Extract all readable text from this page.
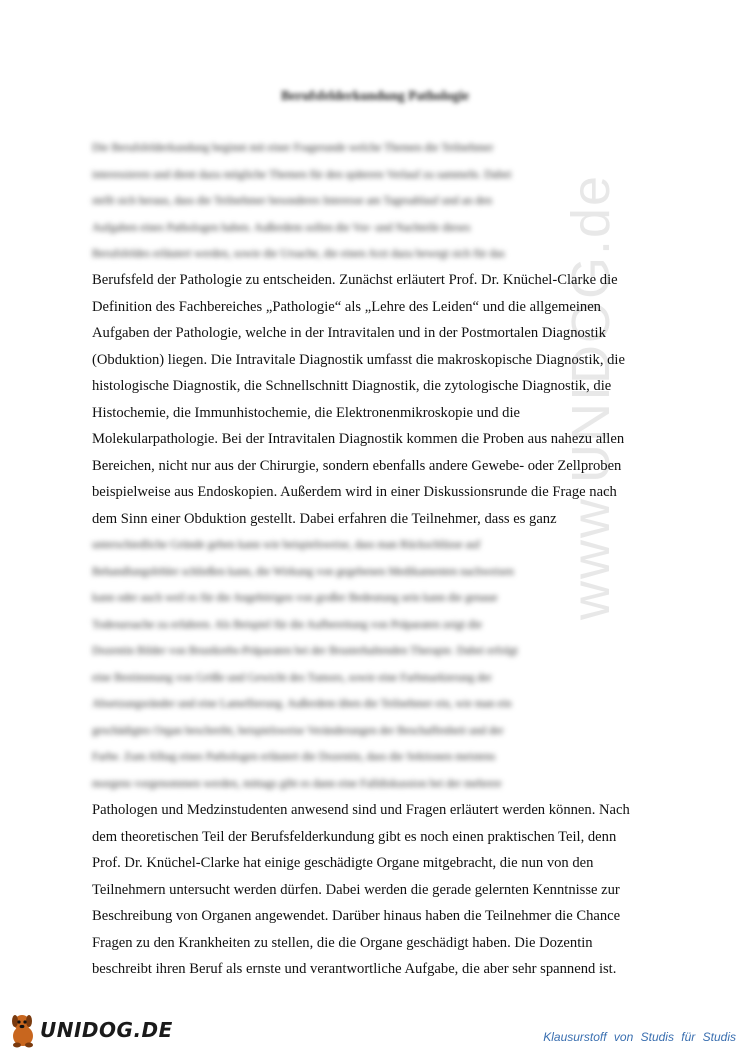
www.UNIDOG.de
Berufsfelderkundung Pathologie
Die Berufsfelderkundung beginnt mit einer Fragerunde welche Themen die Teilnehmer
interessieren und dient dazu mögliche Themen für den späteren Verlauf zu sammeln. Dabei
stellt sich heraus, dass die Teilnehmer besonderes Interesse am Tagesablauf und an den
Aufgaben eines Pathologen haben. Außerdem sollen die Vor- und Nachteile dieses
Berufsfeldes erläutert werden, sowie die Ursache, die einen Arzt dazu bewegt sich für das
Berufsfeld der Pathologie zu entscheiden. Zunächst erläutert Prof. Dr. Knüchel-Clarke die
Definition des Fachbereiches „Pathologie“ als „Lehre des Leiden“ und die allgemeinen
Aufgaben der Pathologie, welche in der Intravitalen und in der Postmortalen Diagnostik
(Obduktion) liegen. Die Intravitale Diagnostik umfasst die makroskopische Diagnostik, die
histologische Diagnostik, die Schnellschnitt Diagnostik, die zytologische Diagnostik, die
Histochemie, die Immunhistochemie, die Elektronenmikroskopie und die
Molekularpathologie. Bei der Intravitalen Diagnostik kommen die Proben aus nahezu allen
Bereichen, nicht nur aus der Chirurgie, sondern ebenfalls andere Gewebe- oder Zellproben
beispielweise aus Endoskopien. Außerdem wird in einer Diskussionsrunde die Frage nach
dem Sinn einer Obduktion gestellt. Dabei erfahren die Teilnehmer, dass es ganz
unterschiedliche Gründe geben kann wie beispielsweise, dass man Rückschlüsse auf
Behandlungsfehler schließen kann, die Wirkung von gegebenen Medikamenten nachweisen
kann oder auch weil es für die Angehörigen von großer Bedeutung sein kann die genaue
Todesursache zu erfahren. Als Beispiel für die Aufbereitung von Präparaten zeigt die
Dozentin Bilder von Brustkrebs-Präparaten bei der Brusterhaltenden Therapie. Dabei erfolgt
eine Bestimmung von Größe und Gewicht des Tumors, sowie eine Farbmarkierung der
Absetzungsränder und eine Lamellierung. Außerdem üben die Teilnehmer ein, wie man ein
geschädigtes Organ beschreibt, beispielsweise Veränderungen der Beschaffenheit und der
Farbe. Zum Alltag eines Pathologen erläutert die Dozentin, dass die Sektionen meistens
morgens vorgenommen werden, mittags gibt es dann eine Falldiskussion bei der mehrere
Pathologen und Medzinstudenten anwesend sind und Fragen erläutert werden können. Nach
dem theoretischen Teil der Berufsfelderkundung gibt es noch einen praktischen Teil, denn
Prof. Dr. Knüchel-Clarke hat einige geschädigte Organe mitgebracht, die nun von den
Teilnehmern untersucht werden dürfen. Dabei werden die gerade gelernten Kenntnisse zur
Beschreibung von Organen angewendet. Darüber hinaus haben die Teilnehmer die Chance
Fragen zu den Krankheiten zu stellen, die die Organe geschädigt haben. Die Dozentin
beschreibt ihren Beruf als ernste und verantwortliche Aufgabe, die aber sehr spannend ist.
UNIDOG.DE	Klausurstoff von Studis für Studis
